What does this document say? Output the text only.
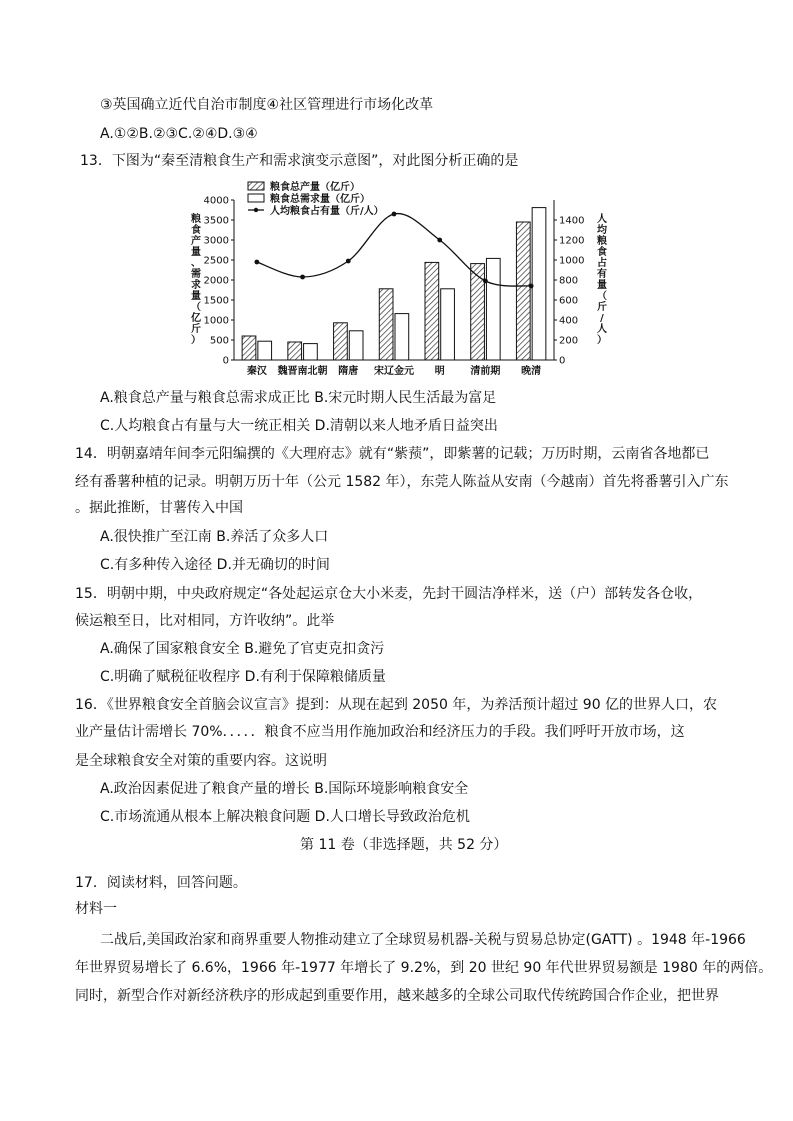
③英国确立近代自治市制度④社区管理进行市场化改革
A.①②B.②③C.②④D.③④
13．下图为“秦至清粮食生产和需求演变示意图”，对此图分析正确的是
0
500
1000
1500
2000
2500
3000
3500
4000
0
200
400
600
800
1000
1200
1400
秦汉 魏晋南北朝 隋唐 宋辽金元 明	清前期 晚清
粮
食
产
量
、
需
求
量
（
亿
斤
）
人
均
粮
食
占
有
量
（
斤
/
人
）
粮食总产量（亿斤）
粮食总需求量（亿斤）
人均粮食占有量（斤/人）
A.粮食总产量与粮食总需求成正比 B.宋元时期人民生活最为富足
C.人均粮食占有量与大一统正相关 D.清朝以来人地矛盾日益突出
14．明朝嘉靖年间李元阳编撰的《大理府志》就有“紫蓣”，即紫薯的记载；万历时期，云南省各地都已
经有番薯种植的记录。明朝万历十年（公元 1582 年），东莞人陈益从安南（今越南）首先将番薯引入广东
。据此推断，甘薯传入中国
A.很快推广至江南 B.养活了众多人口
C.有多种传入途径 D.并无确切的时间
15．明朝中期，中央政府规定“各处起运京仓大小米麦，先封干圆洁净样米，送（户）部转发各仓收，
候运粮至日，比对相同，方许收纳”。此举
A.确保了国家粮食安全 B.避免了官吏克扣贪污
C.明确了赋税征收程序 D.有利于保障粮储质量
16．《世界粮食安全首脑会议宣言》提到：从现在起到 2050 年，为养活预计超过 90 亿的世界人口，农
业产量估计需增长 70%．．．．．粮食不应当用作施加政治和经济压力的手段。我们呼吁开放市场，这
是全球粮食安全对策的重要内容。这说明
A.政治因素促进了粮食产量的增长 B.国际环境影响粮食安全
C.市场流通从根本上解决粮食问题 D.人口增长导致政治危机
第 11 卷（非选择题，共 52 分）
17．阅读材料，回答问题。
材料一
二战后,美国政治家和商界重要人物推动建立了全球贸易机器-关税与贸易总协定(GATT) 。1948 年-1966
年世界贸易增长了 6.6%，1966 年-1977 年增长了 9.2%，到 20 世纪 90 年代世界贸易额是 1980 年的两倍。
同时，新型合作对新经济秩序的形成起到重要作用，越来越多的全球公司取代传统跨国合作企业，把世界
